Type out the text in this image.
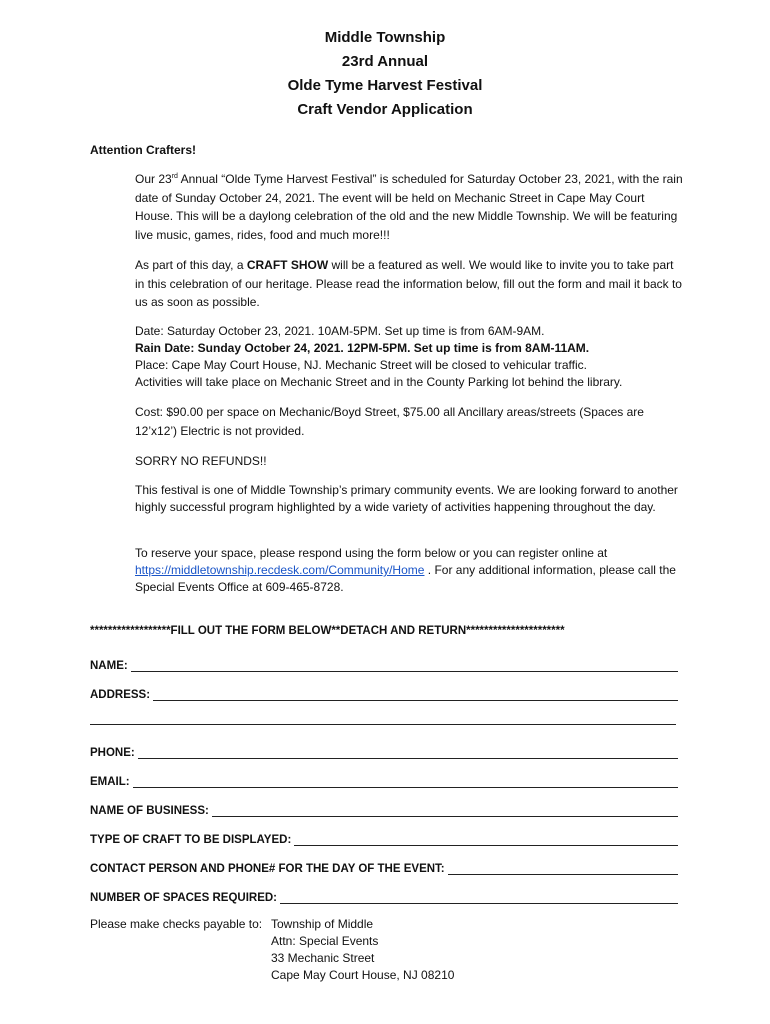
Middle Township
23rd Annual
Olde Tyme Harvest Festival
Craft Vendor Application
Attention Crafters!

Our 23rd Annual “Olde Tyme Harvest Festival” is scheduled for Saturday October 23, 2021, with the rain date of Sunday October 24, 2021. The event will be held on Mechanic Street in Cape May Court House. This will be a daylong celebration of the old and the new Middle Township. We will be featuring live music, games, rides, food and much more!!!

As part of this day, a CRAFT SHOW will be a featured as well. We would like to invite you to take part in this celebration of our heritage. Please read the information below, fill out the form and mail it back to us as soon as possible.

Date: Saturday October 23, 2021. 10AM-5PM. Set up time is from 6AM-9AM.

Rain Date: Sunday October 24, 2021. 12PM-5PM. Set up time is from 8AM-11AM.

Place: Cape May Court House, NJ. Mechanic Street will be closed to vehicular traffic.

Activities will take place on Mechanic Street and in the County Parking lot behind the library.

Cost: $90.00 per space on Mechanic/Boyd Street, $75.00 all Ancillary areas/streets (Spaces are 12’x12’) Electric is not provided.
SORRY NO REFUNDS!!
This festival is one of Middle Township’s primary community events. We are looking forward to another highly successful program highlighted by a wide variety of activities happening throughout the day.

To reserve your space, please respond using the form below or you can register online at https://middletownship.recdesk.com/Community/Home . For any additional information, please call the Special Events Office at 609-465-8728.

******************FILL OUT THE FORM BELOW**DETACH AND RETURN**********************
NAME:
ADDRESS:
PHONE:
EMAIL:
NAME OF BUSINESS:
TYPE OF CRAFT TO BE DISPLAYED:
CONTACT PERSON AND PHONE# FOR THE DAY OF THE EVENT:
NUMBER OF SPACES REQUIRED:
Please make checks payable to: Township of Middle
Attn: Special Events
33 Mechanic Street
Cape May Court House, NJ 08210
